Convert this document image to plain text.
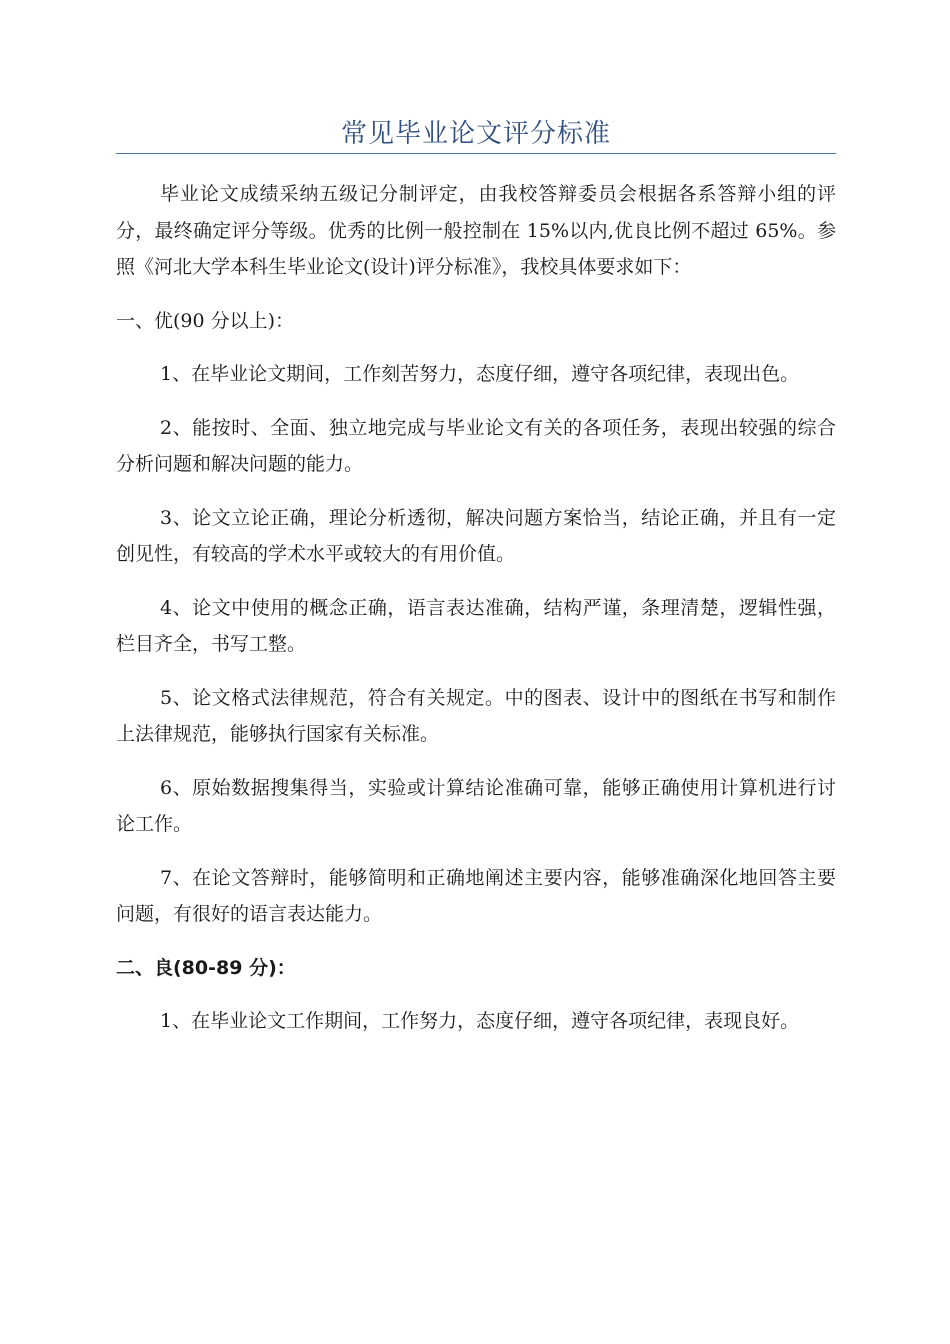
常见毕业论文评分标准

毕业论文成绩采纳五级记分制评定，由我校答辩委员会根据各系答辩小组的评分，最终确定评分等级。优秀的比例一般控制在 15%以内,优良比例不超过 65%。参照《河北大学本科生毕业论文(设计)评分标准》，我校具体要求如下：

一、优(90 分以上)：

1、在毕业论文期间，工作刻苦努力，态度仔细，遵守各项纪律，表现出色。

2、能按时、全面、独立地完成与毕业论文有关的各项任务，表现出较强的综合分析问题和解决问题的能力。

3、论文立论正确，理论分析透彻，解决问题方案恰当，结论正确，并且有一定创见性，有较高的学术水平或较大的有用价值。

4、论文中使用的概念正确，语言表达准确，结构严谨，条理清楚，逻辑性强，栏目齐全，书写工整。

5、论文格式法律规范，符合有关规定。中的图表、设计中的图纸在书写和制作上法律规范，能够执行国家有关标准。

6、原始数据搜集得当，实验或计算结论准确可靠，能够正确使用计算机进行讨论工作。

7、在论文答辩时，能够简明和正确地阐述主要内容，能够准确深化地回答主要问题，有很好的语言表达能力。

二、良(80-89 分)：

1、在毕业论文工作期间，工作努力，态度仔细，遵守各项纪律，表现良好。
